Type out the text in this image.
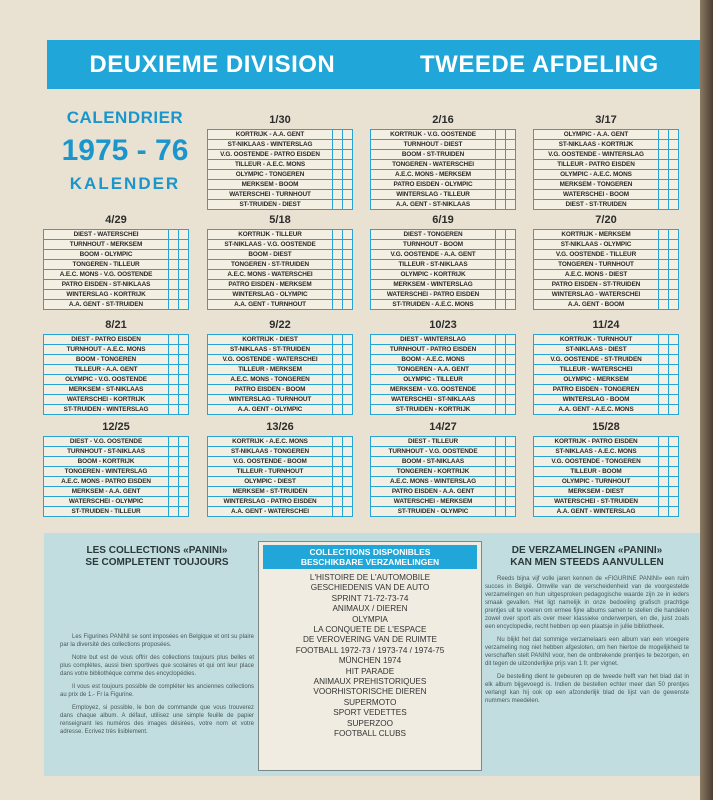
DEUXIEME DIVISION	TWEEDE AFDELING
CALENDRIER
1975 - 76
KALENDER
1/30
KORTRIJK - A.A. GENT		
ST-NIKLAAS - WINTERSLAG		
V.G. OOSTENDE - PATRO EISDEN		
TILLEUR - A.E.C. MONS		
OLYMPIC - TONGEREN		
MERKSEM - BOOM		
WATERSCHEI - TURNHOUT		
ST-TRUIDEN - DIEST		
2/16
KORTRIJK - V.G. OOSTENDE		
TURNHOUT - DIEST		
BOOM - ST-TRUIDEN		
TONGEREN - WATERSCHEI		
A.E.C. MONS - MERKSEM		
PATRO EISDEN - OLYMPIC		
WINTERSLAG - TILLEUR		
A.A. GENT - ST-NIKLAAS		
3/17
OLYMPIC - A.A. GENT		
ST-NIKLAAS - KORTRIJK		
V.G. OOSTENDE - WINTERSLAG		
TILLEUR - PATRO EISDEN		
OLYMPIC - A.E.C. MONS		
MERKSEM - TONGEREN		
WATERSCHEI - BOOM		
DIEST - ST-TRUIDEN		
4/29
DIEST - WATERSCHEI		
TURNHOUT - MERKSEM		
BOOM - OLYMPIC		
TONGEREN - TILLEUR		
A.E.C. MONS - V.G. OOSTENDE		
PATRO EISDEN - ST-NIKLAAS		
WINTERSLAG - KORTRIJK		
A.A. GENT - ST-TRUIDEN		
5/18
KORTRIJK - TILLEUR		
ST-NIKLAAS - V.G. OOSTENDE		
BOOM - DIEST		
TONGEREN - ST-TRUIDEN		
A.E.C. MONS - WATERSCHEI		
PATRO EISDEN - MERKSEM		
WINTERSLAG - OLYMPIC		
A.A. GENT - TURNHOUT		
6/19
DIEST - TONGEREN		
TURNHOUT - BOOM		
V.G. OOSTENDE - A.A. GENT		
TILLEUR - ST-NIKLAAS		
OLYMPIC - KORTRIJK		
MERKSEM - WINTERSLAG		
WATERSCHEI - PATRO EISDEN		
ST-TRUIDEN - A.E.C. MONS		
7/20
KORTRIJK - MERKSEM		
ST-NIKLAAS - OLYMPIC		
V.G. OOSTENDE - TILLEUR		
TONGEREN - TURNHOUT		
A.E.C. MONS - DIEST		
PATRO EISDEN - ST-TRUIDEN		
WINTERSLAG - WATERSCHEI		
A.A. GENT - BOOM		
8/21
DIEST - PATRO EISDEN		
TURNHOUT - A.E.C. MONS		
BOOM - TONGEREN		
TILLEUR - A.A. GENT		
OLYMPIC - V.G. OOSTENDE		
MERKSEM - ST-NIKLAAS		
WATERSCHEI - KORTRIJK		
ST-TRUIDEN - WINTERSLAG		
9/22
KORTRIJK - DIEST		
ST-NIKLAAS - ST-TRUIDEN		
V.G. OOSTENDE - WATERSCHEI		
TILLEUR - MERKSEM		
A.E.C. MONS - TONGEREN		
PATRO EISDEN - BOOM		
WINTERSLAG - TURNHOUT		
A.A. GENT - OLYMPIC		
10/23
DIEST - WINTERSLAG		
TURNHOUT - PATRO EISDEN		
BOOM - A.E.C. MONS		
TONGEREN - A.A. GENT		
OLYMPIC - TILLEUR		
MERKSEM - V.G. OOSTENDE		
WATERSCHEI - ST-NIKLAAS		
ST-TRUIDEN - KORTRIJK		
11/24
KORTRIJK - TURNHOUT		
ST-NIKLAAS - DIEST		
V.G. OOSTENDE - ST-TRUIDEN		
TILLEUR - WATERSCHEI		
OLYMPIC - MERKSEM		
PATRO EISDEN - TONGEREN		
WINTERSLAG - BOOM		
A.A. GENT - A.E.C. MONS		
12/25
DIEST - V.G. OOSTENDE		
TURNHOUT - ST-NIKLAAS		
BOOM - KORTRIJK		
TONGEREN - WINTERSLAG		
A.E.C. MONS - PATRO EISDEN		
MERKSEM - A.A. GENT		
WATERSCHEI - OLYMPIC		
ST-TRUIDEN - TILLEUR		
13/26
KORTRIJK - A.E.C. MONS		
ST-NIKLAAS - TONGEREN		
V.G. OOSTENDE - BOOM		
TILLEUR - TURNHOUT		
OLYMPIC - DIEST		
MERKSEM - ST-TRUIDEN		
WINTERSLAG - PATRO EISDEN		
A.A. GENT - WATERSCHEI		
14/27
DIEST - TILLEUR		
TURNHOUT - V.G. OOSTENDE		
BOOM - ST-NIKLAAS		
TONGEREN - KORTRIJK		
A.E.C. MONS - WINTERSLAG		
PATRO EISDEN - A.A. GENT		
WATERSCHEI - MERKSEM		
ST-TRUIDEN - OLYMPIC		
15/28
KORTRIJK - PATRO EISDEN		
ST-NIKLAAS - A.E.C. MONS		
V.G. OOSTENDE - TONGEREN		
TILLEUR - BOOM		
OLYMPIC - TURNHOUT		
MERKSEM - DIEST		
WATERSCHEI - ST-TRUIDEN		
A.A. GENT - WINTERSLAG		
LES COLLECTIONS «PANINI»
SE COMPLETENT TOUJOURS

Les Figurines PANINI se sont imposées en Belgique et ont su plaire par la diversité des collections proposées.

Notre but est de vous offrir des collections toujours plus belles et plus complètes, aussi bien sportives que scolaires et qui ont leur place dans votre bibliothèque comme des encyclopédies.

Il vous est toujours possible de compléter les anciennes collections au prix de 1.- Fr la Figurine.

Employez, si possible, le bon de commande que vous trouverez dans chaque album. A défaut, utilisez une simple feuille de papier renseignant les numéros des images désirées, votre nom et votre adresse. Ecrivez très lisiblement.

COLLECTIONS DISPONIBLES
BESCHIKBARE VERZAMELINGEN
L'HISTOIRE DE L'AUTOMOBILE
GESCHIEDENIS VAN DE AUTO
SPRINT 71-72-73-74
ANIMAUX / DIEREN
OLYMPIA
LA CONQUETE DE L'ESPACE
DE VEROVERING VAN DE RUIMTE
FOOTBALL 1972-73 / 1973-74 / 1974-75
MÜNCHEN 1974
HIT PARADE
ANIMAUX PREHISTORIQUES
VOORHISTORISCHE DIEREN
SUPERMOTO
SPORT VEDETTES
SUPERZOO
FOOTBALL CLUBS
DE VERZAMELINGEN «PANINI»
KAN MEN STEEDS AANVULLEN

Reeds bijna vijf volle jaren kennen de «FIGURINE PANINI» een ruim succes in België. Omwille van de verscheidenheid van de voorgestelde verzamelingen en hun uitgesproken pedagogische waarde zijn ze in ieders smaak gevallen. Het ligt namelijk in onze bedoeling grafisch prachtige prentjes uit te voeren om ermee fijne albums samen te stellen die handelen zowel over sport als over meer klassieke onderwerpen, en die, juist zoals een encyclopedie, recht hebben op een plaatsje in jullie bibliotheek.

Nu blijkt het dat sommige verzamelaars een album van een vroegere verzameling nog niet hebben afgesloten, om hen hiertoe de mogelijkheid te verschaffen stelt PANINI voor, hen de ontbrekende prentjes te bezorgen, en dit tegen de uitzonderlijke prijs van 1 fr. per vignet.

De bestelling dient te gebeuren op de tweede helft van het blad dat in elk album bijgevoegd is. Indien de bestellen echter meer dan 50 prentjes verlangt kan hij ook op een afzonderlijk blad de lijst van de gewenste nummers meedelen.
